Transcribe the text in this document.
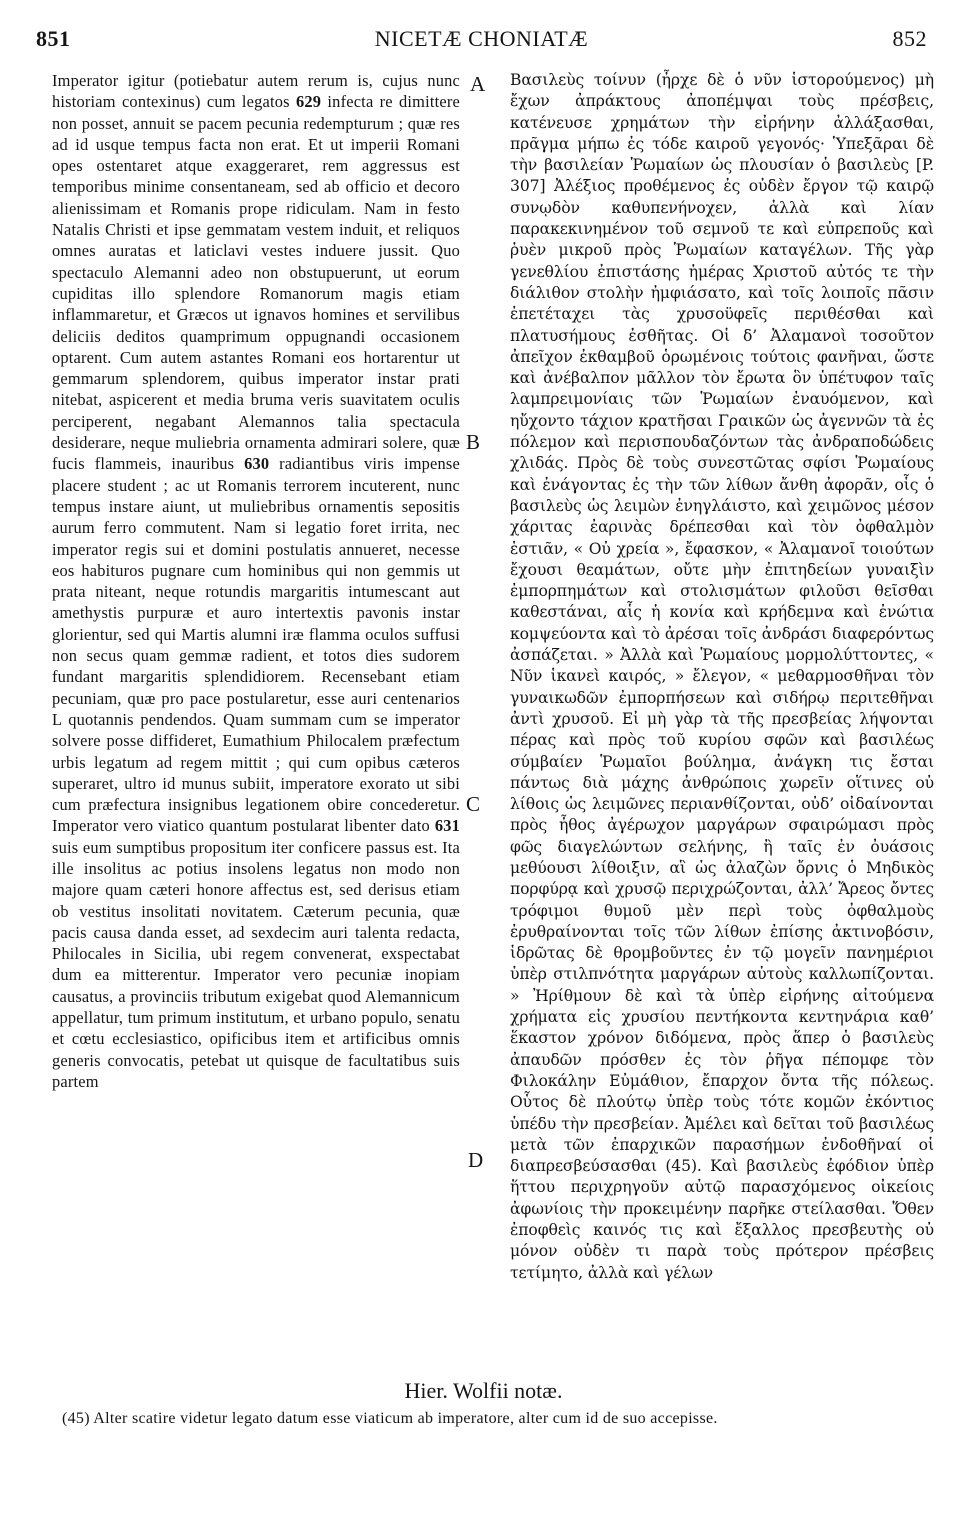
851	NICETÆ CHONIATÆ	852

Imperator igitur (potiebatur autem rerum is, cujus nunc historiam contexinus) cum legatos 629 infecta re dimittere non posset, annuit se pacem pecunia redempturum ; quæ res ad id usque tempus facta non erat. Et ut imperii Romani opes ostentaret atque exaggeraret, rem aggressus est temporibus minime consentaneam, sed ab officio et decoro alienissimam et Romanis prope ridiculam. Nam in festo Natalis Christi et ipse gemmatam vestem induit, et reliquos omnes auratas et laticlavi vestes induere jussit. Quo spectaculo Alemanni adeo non obstupuerunt, ut eorum cupiditas illo splendore Romanorum magis etiam inflammaretur, et Græcos ut ignavos homines et servilibus deliciis deditos quamprimum oppugnandi occasionem optarent. Cum autem astantes Romani eos hortarentur ut gemmarum splendorem, quibus imperator instar prati nitebat, aspicerent et media bruma veris suavitatem oculis perciperent, negabant Alemannos talia spectacula desiderare, neque muliebria ornamenta admirari solere, quæ fucis flammeis, inauribus 630 radiantibus viris impense placere student ; ac ut Romanis terrorem incuterent, nunc tempus instare aiunt, ut muliebribus ornamentis sepositis aurum ferro commutent. Nam si legatio foret irrita, nec imperator regis sui et domini postulatis annueret, necesse eos habituros pugnare cum hominibus qui non gemmis ut prata niteant, neque rotundis margaritis intumescant aut amethystis purpuræ et auro intertextis pavonis instar glorientur, sed qui Martis alumni iræ flamma oculos suffusi non secus quam gemmæ radient, et totos dies sudorem fundant margaritis splendidiorem. Recensebant etiam pecuniam, quæ pro pace postularetur, esse auri centenarios L quotannis pendendos. Quam summam cum se imperator solvere posse diffideret, Eumathium Philocalem præfectum urbis legatum ad regem mittit ; qui cum opibus cæteros superaret, ultro id munus subiit, imperatore exorato ut sibi cum præfectura insignibus legationem obire concederetur. Imperator vero viatico quantum postularat libenter dato 631 suis eum sumptibus propositum iter conficere passus est. Ita ille insolitus ac potius insolens legatus non modo non majore quam cæteri honore affectus est, sed derisus etiam ob vestitus insolitati novitatem. Cæterum pecunia, quæ pacis causa danda esset, ad sexdecim auri talenta redacta, Philocales in Sicilia, ubi regem convenerat, exspectabat dum ea mitterentur. Imperator vero pecuniæ inopiam causatus, a provinciis tributum exigebat quod Alemannicum appellatur, tum primum institutum, et urbano populo, senatu et cœtu ecclesiastico, opificibus item et artificibus omnis generis convocatis, petebat ut quisque de facultatibus suis partem

A
B
C
D

Βασιλεὺς τοίνυν (ἦρχε δὲ ὁ νῦν ἱστορούμενος) μὴ ἔχων ἀπράκτους ἀποπέμψαι τοὺς πρέσβεις, κατένευσε χρημάτων τὴν εἰρήνην ἀλλάξασθαι, πρᾶγμα μήπω ἐς τόδε καιροῦ γεγονός· Ὑπεξᾶραι δὲ τὴν βασιλείαν Ῥωμαίων ὡς πλουσίαν ὁ βασιλεὺς [P. 307] Ἀλέξιος προθέμενος ἐς οὐδὲν ἔργον τῷ καιρῷ συνῳδὸν καθυπενήνοχεν, ἀλλὰ καὶ λίαν παρακεκινημένον τοῦ σεμνοῦ τε καὶ εὐπρεποῦς καὶ ῥυὲν μικροῦ πρὸς Ῥωμαίων καταγέλων. Τῆς γὰρ γενεθλίου ἐπιστάσης ἡμέρας Χριστοῦ αὐτός τε τὴν διάλιθον στολὴν ἠμφιάσατο, καὶ τοῖς λοιποῖς πᾶσιν ἐπετέταχει τὰς χρυσοϋφεῖς περιθέσθαι καὶ πλατυσήμους ἐσθῆτας. Οἱ δ’ Ἀλαμανοὶ τοσοῦτον ἀπεῖχον ἐκθαμβοῦ ὁρωμένοις τούτοις φανῆναι, ὥστε καὶ ἀνέβαλπον μᾶλλον τὸν ἔρωτα ὃν ὑπέτυφον ταῖς λαμπρειμονίαις τῶν Ῥωμαίων ἐναυόμενον, καὶ ηὔχοντο τάχιον κρατῆσαι Γραικῶν ὡς ἀγεννῶν τὰ ἐς πόλεμον καὶ περισπουδαζόντων τὰς ἀνδραποδώδεις χλιδάς. Πρὸς δὲ τοὺς συνεστῶτας σφίσι Ῥωμαίους καὶ ἐνάγοντας ἐς τὴν τῶν λίθων ἄνθη ἀφορᾶν, οἷς ὁ βασιλεὺς ὡς λειμὼν ἐνηγλάιστο, καὶ χειμῶνος μέσον χάριτας ἐαρινὰς δρέπεσθαι καὶ τὸν ὀφθαλμὸν ἑστιᾶν, « Οὐ χρεία », ἔφασκον, « Ἀλαμανοῖ τοιούτων ἔχουσι θεαμάτων, οὔτε μὴν ἐπιτηδείων γυναιξὶν ἐμπορπημάτων καὶ στολισμάτων φιλοῦσι θεῖσθαι καθεστάναι, αἷς ἡ κονία καὶ κρήδεμνα καὶ ἐνώτια κομψεύοντα καὶ τὸ ἀρέσαι τοῖς ἀνδράσι διαφερόντως ἀσπάζεται. » Ἀλλὰ καὶ Ῥωμαίους μορμολύττοντες, « Νῦν ἱκανεὶ καιρός, » ἔλεγον, « μεθαρμοσθῆναι τὸν γυναικωδῶν ἐμπορπήσεων καὶ σιδήρῳ περιτεθῆναι ἀντὶ χρυσοῦ. Εἰ μὴ γὰρ τὰ τῆς πρεσβείας λήψονται πέρας καὶ πρὸς τοῦ κυρίου σφῶν καὶ βασιλέως σύμβαίεν Ῥωμαῖοι βούλημα, ἀνάγκη τις ἔσται πάντως διὰ μάχης ἀνθρώποις χωρεῖν οἵτινες οὐ λίθοις ὡς λειμῶνες περιανθίζονται, οὐδ’ οἰδαίνονται πρὸς ἦθος ἀγέρωχον μαργάρων σφαιρώμασι πρὸς φῶς διαγελώντων σελήνης, ἢ ταῖς ἐν ὀυάσοις μεθύουσι λίθοιξιν, αἳ ὡς ἀλαζὼν ὄρνις ὁ Μηδικὸς πορφύρᾳ καὶ χρυσῷ περιχρώζονται, ἀλλ’ Ἄρεος ὄντες τρόφιμοι θυμοῦ μὲν περὶ τοὺς ὀφθαλμοὺς ἐρυθραίνονται τοῖς τῶν λίθων ἐπίσης ἀκτινοβόσιν, ἱδρῶτας δὲ θρομβοῦντες ἐν τῷ μογεῖν πανημέριοι ὑπὲρ στιλπνότητα μαργάρων αὐτοὺς καλλωπίζονται. » Ἠρίθμουν δὲ καὶ τὰ ὑπὲρ εἰρήνης αἰτούμενα χρήματα εἰς χρυσίου πεντήκοντα κεντηνάρια καθ’ ἕκαστον χρόνον διδόμενα, πρὸς ἅπερ ὁ βασιλεὺς ἀπαυδῶν πρόσθεν ἐς τὸν ῥῆγα πέπομφε τὸν Φιλοκάλην Εὐμάθιον, ἔπαρχον ὄντα τῆς πόλεως. Οὗτος δὲ πλούτῳ ὑπὲρ τοὺς τότε κομῶν ἐκόντιος ὑπέδυ τὴν πρεσβείαν. Ἀμέλει καὶ δεῖται τοῦ βασιλέως μετὰ τῶν ἐπαρχικῶν παρασήμων ἐνδοθῆναί οἱ διαπρεσβεύσασθαι (45). Καὶ βασιλεὺς ἐφόδιον ὑπὲρ ἥττου περιχρηγοῦν αὐτῷ παρασχόμενος οἰκείοις ἀφωνίοις τὴν προκειμένην παρῆκε στείλασθαι. Ὅθεν ἐποφθεὶς καινός τις καὶ ἔξαλλος πρεσβευτὴς οὐ μόνον οὐδὲν τι παρὰ τοὺς πρότερον πρέσβεις τετίμητο, ἀλλὰ καὶ γέλων

Hier. Wolfii notæ.
(45) Alter scatire videtur legato datum esse viaticum ab imperatore, alter cum id de suo accepisse.
